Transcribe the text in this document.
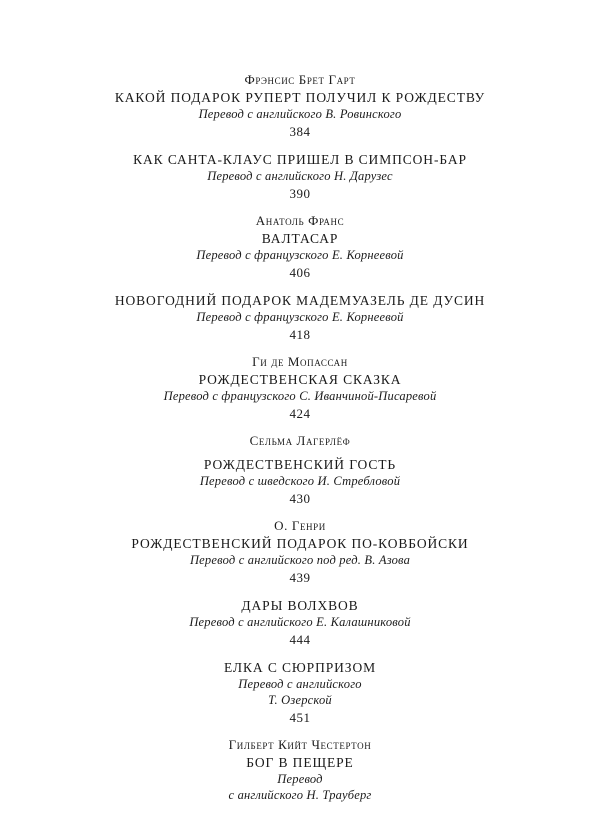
Фрэнсис Брет Гарт
КАКОЙ ПОДАРОК РУПЕРТ ПОЛУЧИЛ К РОЖДЕСТВУ
Перевод с английского В. Ровинского
384
КАК САНТА-КЛАУС ПРИШЕЛ В СИМПСОН-БАР
Перевод с английского Н. Дарузес
390
Анатоль Франс
ВАЛТАСАР
Перевод с французского Е. Корнеевой
406
НОВОГОДНИЙ ПОДАРОК МАДЕМУАЗЕЛЬ ДЕ ДУСИН
Перевод с французского Е. Корнеевой
418
Ги де Мопассан
РОЖДЕСТВЕНСКАЯ СКАЗКА
Перевод с французского С. Иванчиной-Писаревой
424
Сельма Лагерлёф
РОЖДЕСТВЕНСКИЙ ГОСТЬ
Перевод с шведского И. Стребловой
430
О. Генри
РОЖДЕСТВЕНСКИЙ ПОДАРОК ПО-КОВБОЙСКИ
Перевод с английского под ред. В. Азова
439
ДАРЫ ВОЛХВОВ
Перевод с английского Е. Калашниковой
444
ЕЛКА С СЮРПРИЗОМ
Перевод с английского
Т. Озерской
451
Гилберт Кийт Честертон
БОГ В ПЕЩЕРЕ
Перевод
с английского Н. Трауберг
